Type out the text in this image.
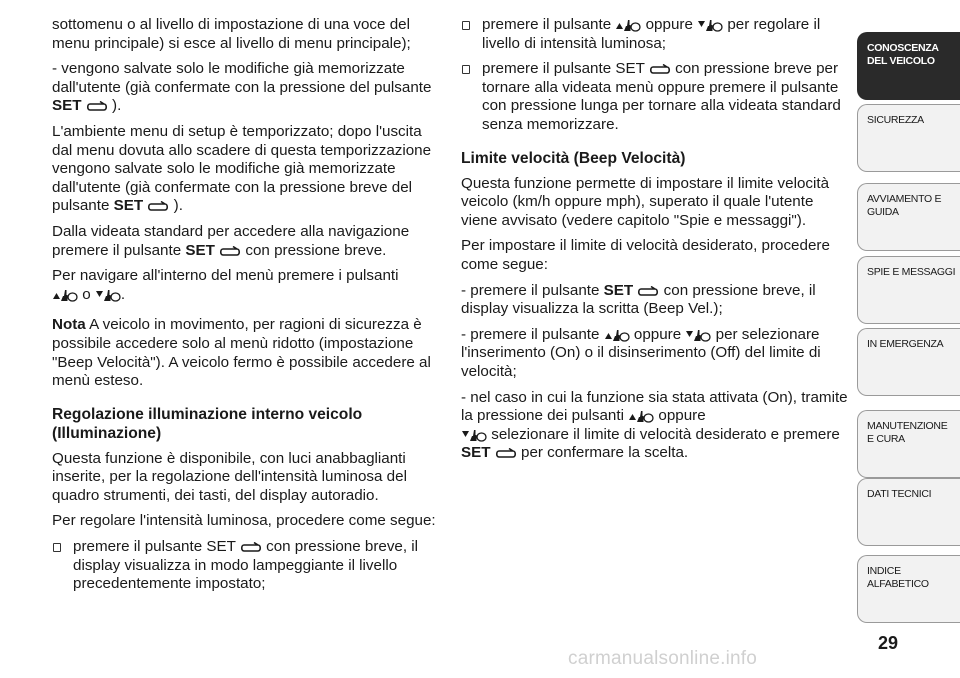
sottomenu o al livello di impostazione di una voce del menu principale) si esce al livello di menu principale);

- vengono salvate solo le modifiche già memorizzate dall'utente (già confermate con la pressione del pulsante SET ).

L'ambiente menu di setup è temporizzato; dopo l'uscita dal menu dovuta allo scadere di questa temporizzazione vengono salvate solo le modifiche già memorizzate dall'utente (già confermate con la pressione breve del pulsante SET ).

Dalla videata standard per accedere alla navigazione

premere il pulsante SET
con pressione breve.

Per navigare all'interno del menù premere i pulsanti

o
.

Nota A veicolo in movimento, per ragioni di sicurezza è possibile accedere solo al menù ridotto (impostazione "Beep Velocità"). A veicolo fermo è possibile accedere al menù esteso.

Regolazione illuminazione interno veicolo (Illuminazione)

Questa funzione è disponibile, con luci anabbaglianti inserite, per la regolazione dell'intensità luminosa del quadro strumenti, dei tasti, del display autoradio.

Per regolare l'intensità luminosa, procedere come segue:

premere il pulsante SET
con pressione breve, il display visualizza in modo lampeggiante il livello precedentemente impostato;
premere il pulsante
oppure
per regolare il livello di intensità luminosa;
premere il pulsante SET
con pressione breve per tornare alla videata menù oppure premere il pulsante con pressione lunga per tornare alla videata standard senza memorizzare.
Limite velocità (Beep Velocità)

Questa funzione permette di impostare il limite velocità veicolo (km/h oppure mph), superato il quale l'utente viene avvisato (vedere capitolo "Spie e messaggi").

Per impostare il limite di velocità desiderato, procedere come segue:

- premere il pulsante SET
con pressione breve, il display visualizza la scritta (Beep Vel.);

- premere il pulsante
oppure
per selezionare l'inserimento (On) o il disinserimento (Off) del limite di velocità;

- nel caso in cui la funzione sia stata attivata (On), tramite la pressione dei pulsanti
oppure

selezionare il limite di velocità desiderato e premere SET
per confermare la scelta.

CONOSCENZA DEL VEICOLO
SICUREZZA
AVVIAMENTO E GUIDA
SPIE E MESSAGGI
IN EMERGENZA
MANUTENZIONE E CURA
DATI TECNICI
INDICE ALFABETICO
29
carmanualsonline.info
